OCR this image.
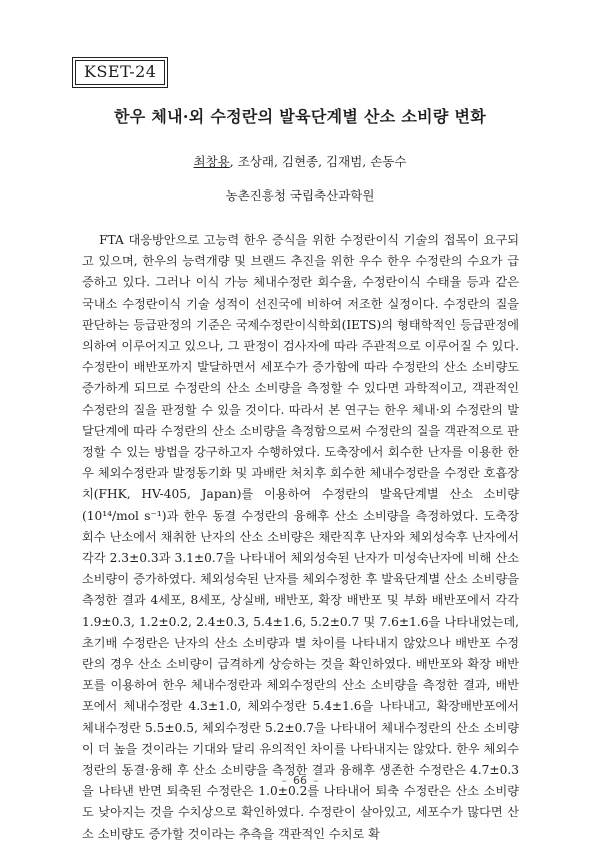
KSET-24
한우 체내·외 수정란의 발육단계별 산소 소비량 변화
최창용, 조상래, 김현종, 김재범, 손동수
농촌진흥청 국립축산과학원

FTA 대응방안으로 고능력 한우 증식을 위한 수정란이식 기술의 접목이 요구되고 있으며, 한우의 능력개량 및 브랜드 추진을 위한 우수 한우 수정란의 수요가 급증하고 있다. 그러나 이식 가능 체내수정란 회수율, 수정란이식 수태율 등과 같은 국내소 수정란이식 기술 성적이 선진국에 비하여 저조한 실정이다. 수정란의 질을 판단하는 등급판정의 기준은 국제수정란이식학회(IETS)의 형태학적인 등급판정에 의하여 이루어지고 있으나, 그 판정이 검사자에 따라 주관적으로 이루어질 수 있다. 수정란이 배반포까지 발달하면서 세포수가 증가함에 따라 수정란의 산소 소비량도 증가하게 되므로 수정란의 산소 소비량을 측정할 수 있다면 과학적이고, 객관적인 수정란의 질을 판정할 수 있을 것이다. 따라서 본 연구는 한우 체내·외 수정란의 발달단계에 따라 수정란의 산소 소비량을 측정함으로써 수정란의 질을 객관적으로 판정할 수 있는 방법을 강구하고자 수행하였다. 도축장에서 회수한 난자를 이용한 한우 체외수정란과 발정동기화 및 과배란 처치후 회수한 체내수정란을 수정란 호흡장치(FHK, HV-405, Japan)를 이용하여 수정란의 발육단계별 산소 소비량(10¹⁴/mol s⁻¹)과 한우 동결 수정란의 융해후 산소 소비량을 측정하였다. 도축장 회수 난소에서 채취한 난자의 산소 소비량은 채란직후 난자와 체외성숙후 난자에서 각각 2.3±0.3과 3.1±0.7을 나타내어 체외성숙된 난자가 미성숙난자에 비해 산소 소비량이 증가하였다. 체외성숙된 난자를 체외수정한 후 발육단계별 산소 소비량을 측정한 결과 4세포, 8세포, 상실배, 배반포, 확장 배반포 및 부화 배반포에서 각각 1.9±0.3, 1.2±0.2, 2.4±0.3, 5.4±1.6, 5.2±0.7 및 7.6±1.6을 나타내었는데, 초기배 수정란은 난자의 산소 소비량과 별 차이를 나타내지 않았으나 배반포 수정란의 경우 산소 소비량이 급격하게 상승하는 것을 확인하였다. 배반포와 확장 배반포를 이용하여 한우 체내수정란과 체외수정란의 산소 소비량을 측정한 결과, 배반포에서 체내수정란 4.3±1.0, 체외수정란 5.4±1.6을 나타내고, 확장배반포에서 체내수정란 5.5±0.5, 체외수정란 5.2±0.7을 나타내어 체내수정란의 산소 소비량이 더 높을 것이라는 기대와 달리 유의적인 차이를 나타내지는 않았다. 한우 체외수정란의 동결·융해 후 산소 소비량을 측정한 결과 융해후 생존한 수정란은 4.7±0.3을 나타낸 반면 퇴축된 수정란은 1.0±0.2를 나타내어 퇴축 수정란은 산소 소비량도 낮아지는 것을 수치상으로 확인하였다. 수정란이 살아있고, 세포수가 많다면 산소 소비량도 증가할 것이라는 추측을 객관적인 수치로 확

– 66 –
